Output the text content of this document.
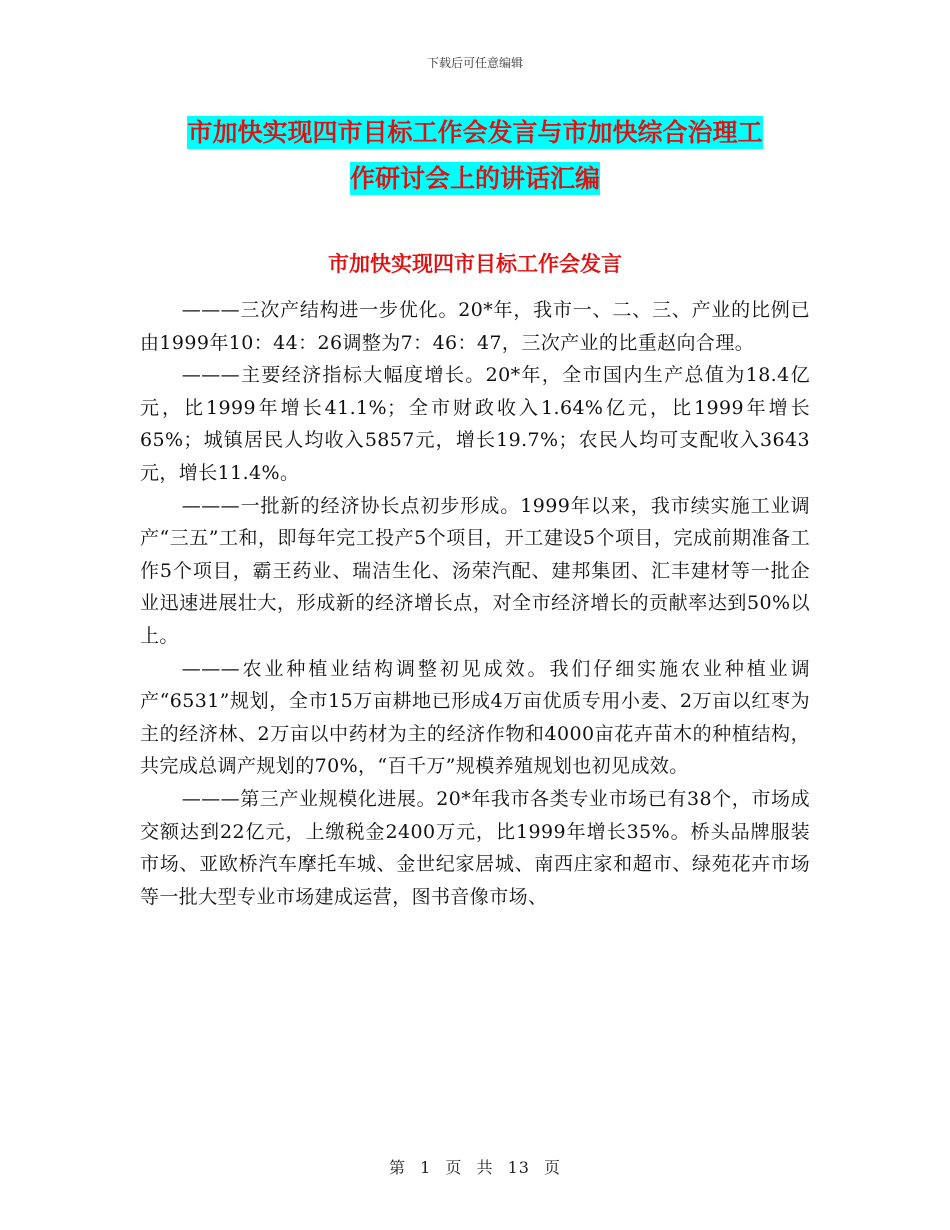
下载后可任意编辑
市加快实现四市目标工作会发言与市加快综合治理工
作研讨会上的讲话汇编
市加快实现四市目标工作会发言

———三次产结构进一步优化。20*年，我市一、二、三、产业的比例已由1999年10：44：26调整为7：46：47，三次产业的比重赵向合理。

———主要经济指标大幅度增长。20*年，全市国内生产总值为18.4亿元，比1999年增长41.1%；全市财政收入1.64%亿元，比1999年增长65%；城镇居民人均收入5857元，增长19.7%；农民人均可支配收入3643元，增长11.4%。

———一批新的经济协长点初步形成。1999年以来，我市续实施工业调产“三五”工和，即每年完工投产5个项目，开工建设5个项目，完成前期准备工作5个项目，霸王药业、瑞洁生化、汤荣汽配、建邦集团、汇丰建材等一批企业迅速进展壮大，形成新的经济增长点，对全市经济增长的贡献率达到50%以上。

———农业种植业结构调整初见成效。我们仔细实施农业种植业调产“6531”规划，全市15万亩耕地已形成4万亩优质专用小麦、2万亩以红枣为主的经济林、2万亩以中药材为主的经济作物和4000亩花卉苗木的种植结构，共完成总调产规划的70%，“百千万”规模养殖规划也初见成效。

———第三产业规模化进展。20*年我市各类专业市场已有38个，市场成交额达到22亿元，上缴税金2400万元，比1999年增长35%。桥头品牌服装市场、亚欧桥汽车摩托车城、金世纪家居城、南西庄家和超市、绿苑花卉市场等一批大型专业市场建成运营，图书音像市场、

第 1 页 共 13 页
